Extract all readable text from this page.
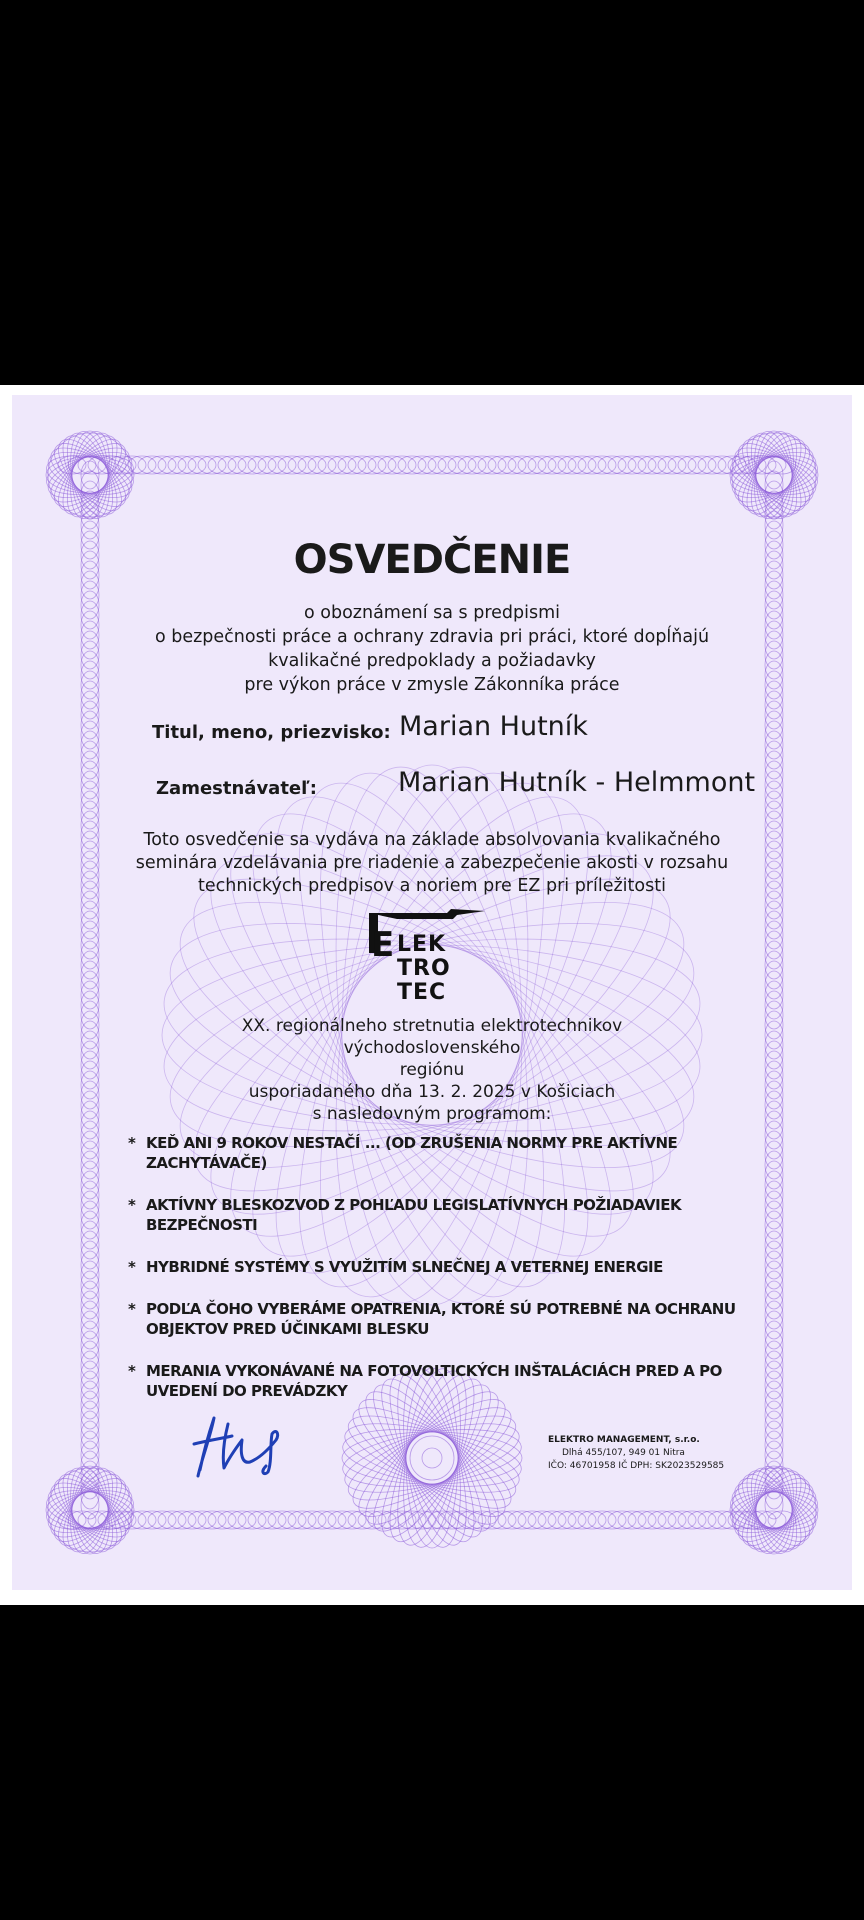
OSVEDČENIE
o oboznámení sa s predpismi
o bezpečnosti práce a ochrany zdravia pri práci, ktoré dopĺňajú
kvalikačné predpoklady a požiadavky
pre výkon práce v zmysle Zákonníka práce
Titul, meno, priezvisko: Marian Hutník
Zamestnávateľ:	Marian Hutník - Helmmont
Toto osvedčenie sa vydáva na základe absolvovania kvalikačného seminára vzdelávania pre riadenie a zabezpečenie akosti v rozsahu technických predpisov a noriem pre EZ pri príležitosti
E LEK
TRO
TEC
XX. regionálneho stretnutia elektrotechnikov východoslovenského
regiónu
usporiadaného dňa 13. 2. 2025 v Košiciach
s nasledovným programom:
* KEĎ ANI 9 ROKOV NESTAČÍ ... (OD ZRUŠENIA NORMY PRE AKTÍVNE ZACHYTÁVAČE)
* AKTÍVNY BLESKOZVOD Z POHĽADU LEGISLATÍVNYCH POŽIADAVIEK BEZPEČNOSTI
* HYBRIDNÉ SYSTÉMY S VYUŽITÍM SLNEČNEJ A VETERNEJ ENERGIE
* PODĽA ČOHO VYBERÁME OPATRENIA, KTORÉ SÚ POTREBNÉ NA OCHRANU OBJEKTOV PRED ÚČINKAMI BLESKU
* MERANIA VYKONÁVANÉ NA FOTOVOLTICKÝCH INŠTALÁCIÁCH PRED A PO UVEDENÍ DO PREVÁDZKY
ELEKTRO MANAGEMENT, s.r.o.
Dlhá 455/107, 949 01 Nitra
IČO: 46701958 IČ DPH: SK2023529585
